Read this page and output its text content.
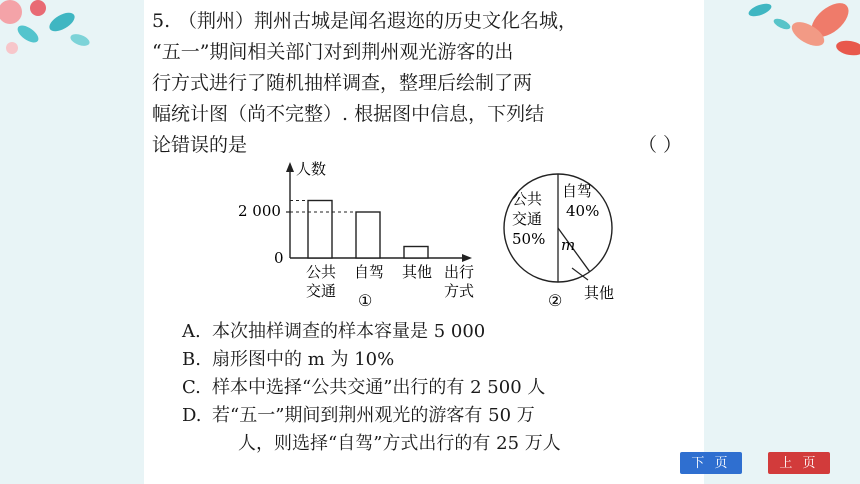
5. （荆州）荆州古城是闻名遐迩的历史文化名城，
“五一”期间相关部门对到荆州观光游客的出
行方式进行了随机抽样调查，整理后绘制了两
幅统计图（尚不完整）. 根据图中信息，下列结
论错误的是	（ ）
人数
2 000
0
公共
交通
自驾 其他 出行
方式
①
公共
交通
50%
自驾
40%
m
其他
②
A. 本次抽样调查的样本容量是 5 000
B. 扇形图中的 m 为 10%
C. 样本中选择“公共交通”出行的有 2 500 人
D. 若“五一”期间到荆州观光的游客有 50 万
人，则选择“自驾”方式出行的有 25 万人
下 页	上 页
